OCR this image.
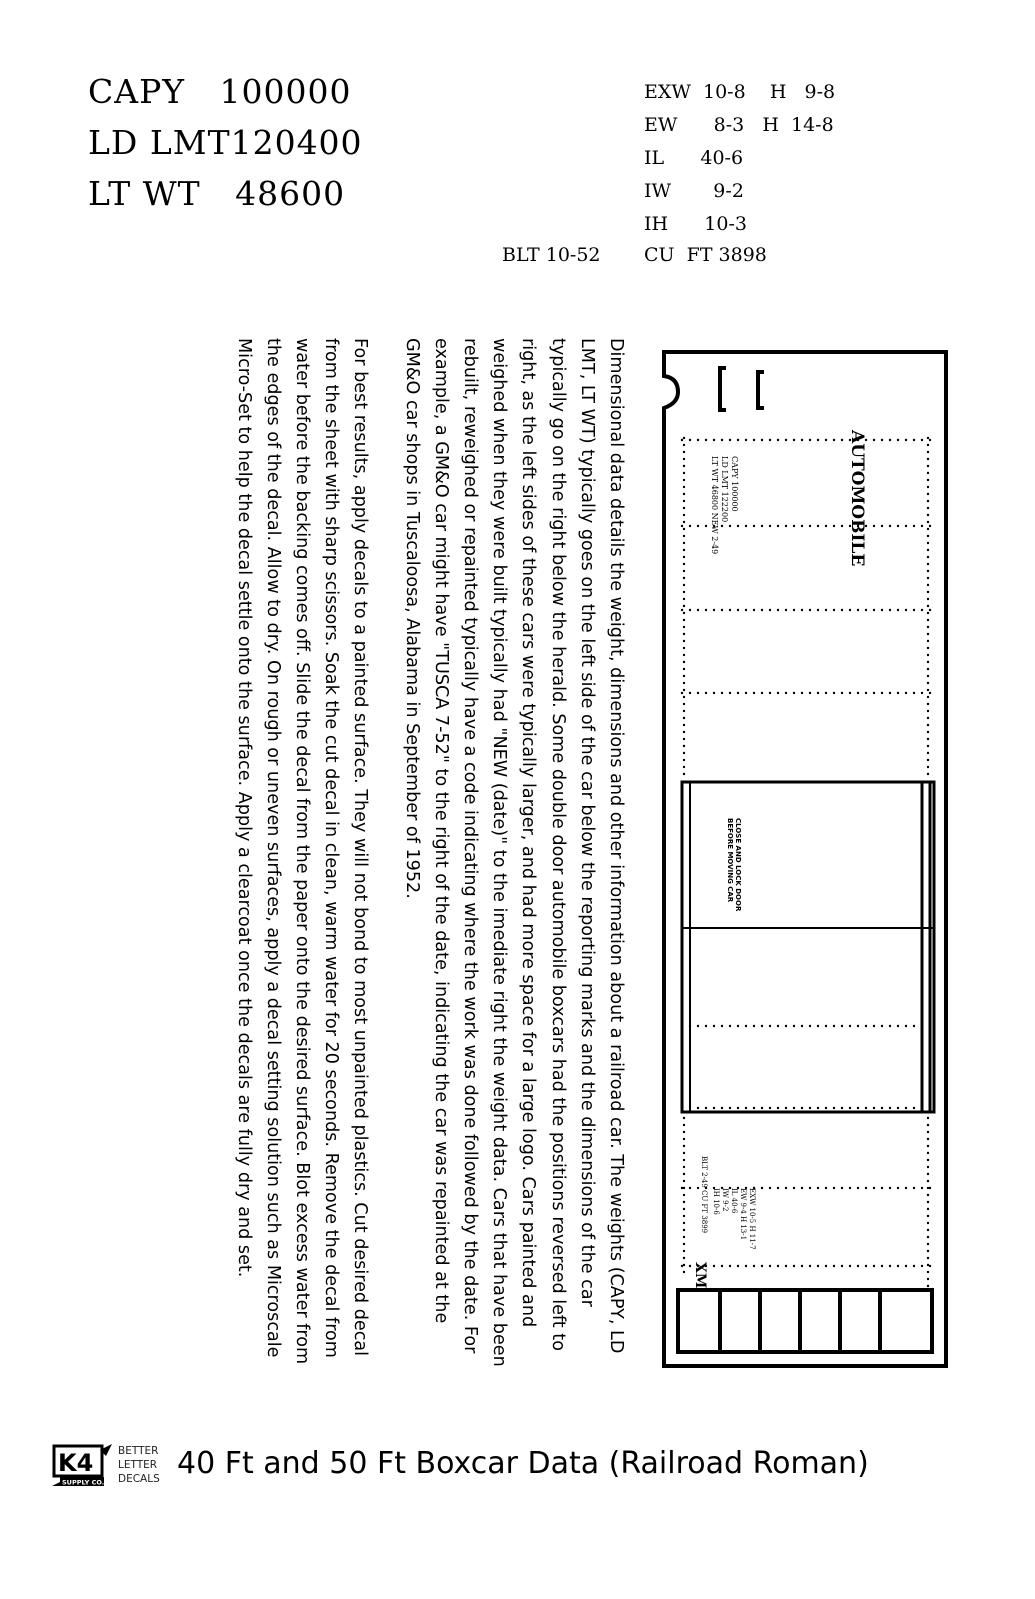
CAPY   100000
LD LMT120400
LT WT   48600
EXW  10-8    H   9-8
EW      8-3   H  14-8
IL      40-6
IW       9-2
IH      10-3
BLT 10-52 CU  FT 3898

Dimensional data details the weight, dimensions and other information about a railroad car. The weights (CAPY, LD LMT, LT WT) typically goes on the left side of the car below the reporting marks and the dimensions of the car typically go on the right below the herald. Some double door automobile boxcars had the positions reversed left to right, as the left sides of these cars were typically larger, and had more space for a large logo. Cars painted and weighed when they were built typically had "NEW (date)" to the imediate right the weight data. Cars that have been rebuilt, reweighed or repainted typically have a code indicating where the work was done followed by the date. For example, a GM&O car might have "TUSCA 7-52" to the right of the date, indicating the car was repainted at the GM&O car shops in Tuscaloosa, Alabama in September of 1952.

For best results, apply decals to a painted surface. They will not bond to most unpainted plastics. Cut desired decal from the sheet with sharp scissors. Soak the cut decal in clean, warm water for 20 seconds. Remove the decal from water before the backing comes off. Slide the decal from the paper onto the desired surface. Blot excess water from the edges of the decal. Allow to dry. On rough or uneven surfaces, apply a decal setting solution such as Microscale Micro-Set to help the decal settle onto the surface. Apply a clearcoat once the decals are fully dry and set.	AUTOMOBILE
CAPY 100000
LD LMT 122200
LT WT 46800 NEW 2-49
CLOSE AND LOCK DOOR
BEFORE MOVING CAR
EXW 10-5 H 11-7
EW 9-4 H 13-1
IL 40-6
IW 9-2
IH 10-6
BLT 2-49 CU FT 3899
XM
K4
SUPPLY CO.
BETTER
LETTER
DECALS 40 Ft and 50 Ft Boxcar Data (Railroad Roman)
